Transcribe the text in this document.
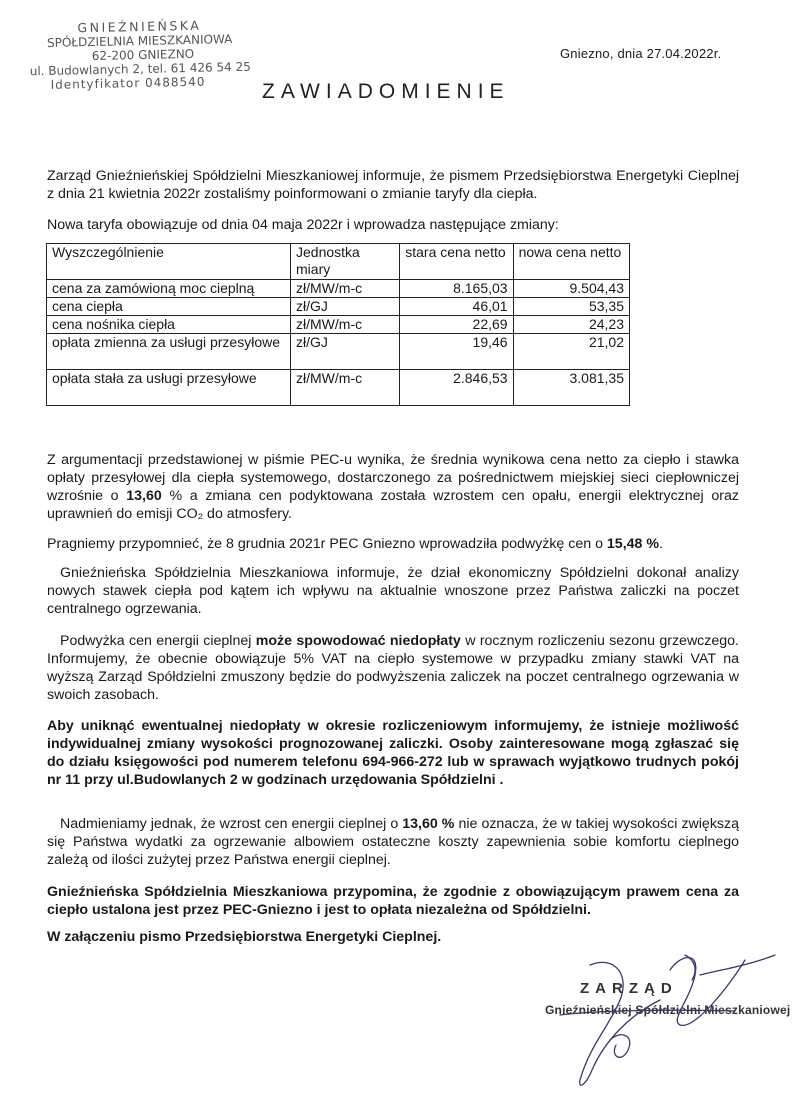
GNIEŹNIEŃSKA
SPÓŁDZIELNIA MIESZKANIOWA
62-200 GNIEZNO
ul. Budowlanych 2, tel. 61 426 54 25
Identyfikator 0488540
Gniezno, dnia 27.04.2022r.
ZAWIADOMIENIE
Zarząd Gnieźnieńskiej Spółdzielni Mieszkaniowej informuje, że pismem Przedsiębiorstwa Energetyki Cieplnej z dnia 21 kwietnia 2022r zostaliśmy poinformowani o zmianie taryfy dla ciepła.
Nowa taryfa obowiązuje od dnia 04 maja 2022r i wprowadza następujące zmiany:
Wyszczególnienie	Jednostka miary	stara cena netto	nowa cena netto
cena za zamówioną moc cieplną	zł/MW/m-c	8.165,03	9.504,43
cena ciepła	zł/GJ	46,01	53,35
cena nośnika ciepła	zł/MW/m-c	22,69	24,23
opłata zmienna za usługi przesyłowe	zł/GJ	19,46	21,02
opłata stała za usługi przesyłowe	zł/MW/m-c	2.846,53	3.081,35
Z argumentacji przedstawionej w piśmie PEC-u wynika, że średnia wynikowa cena netto za ciepło i stawka opłaty przesyłowej dla ciepła systemowego, dostarczonego za pośrednictwem miejskiej sieci ciepłowniczej wzrośnie o 13,60 % a zmiana cen podyktowana została wzrostem cen opału, energii elektrycznej oraz uprawnień do emisji CO₂ do atmosfery.
Pragniemy przypomnieć, że 8 grudnia 2021r PEC Gniezno wprowadziła podwyżkę cen o 15,48 %.
Gnieźnieńska Spółdzielnia Mieszkaniowa informuje, że dział ekonomiczny Spółdzielni dokonał analizy nowych stawek ciepła pod kątem ich wpływu na aktualnie wnoszone przez Państwa zaliczki na poczet centralnego ogrzewania.
Podwyżka cen energii cieplnej może spowodować niedopłaty w rocznym rozliczeniu sezonu grzewczego. Informujemy, że obecnie obowiązuje 5% VAT na ciepło systemowe w przypadku zmiany stawki VAT na wyższą Zarząd Spółdzielni zmuszony będzie do podwyższenia zaliczek na poczet centralnego ogrzewania w swoich zasobach.
Aby uniknąć ewentualnej niedopłaty w okresie rozliczeniowym informujemy, że istnieje możliwość indywidualnej zmiany wysokości prognozowanej zaliczki. Osoby zainteresowane mogą zgłaszać się do działu księgowości pod numerem telefonu 694-966-272 lub w sprawach wyjątkowo trudnych pokój nr 11 przy ul.Budowlanych 2 w godzinach urzędowania Spółdzielni .
Nadmieniamy jednak, że wzrost cen energii cieplnej o 13,60 % nie oznacza, że w takiej wysokości zwiększą się Państwa wydatki za ogrzewanie albowiem ostateczne koszty zapewnienia sobie komfortu cieplnego zależą od ilości zużytej przez Państwa energii cieplnej.
Gnieźnieńska Spółdzielnia Mieszkaniowa przypomina, że zgodnie z obowiązującym prawem cena za ciepło ustalona jest przez PEC-Gniezno i jest to opłata niezależna od Spółdzielni.
W załączeniu pismo Przedsiębiorstwa Energetyki Cieplnej.
ZARZĄD
Gnieźnieńskiej Spółdzielni Mieszkaniowej
